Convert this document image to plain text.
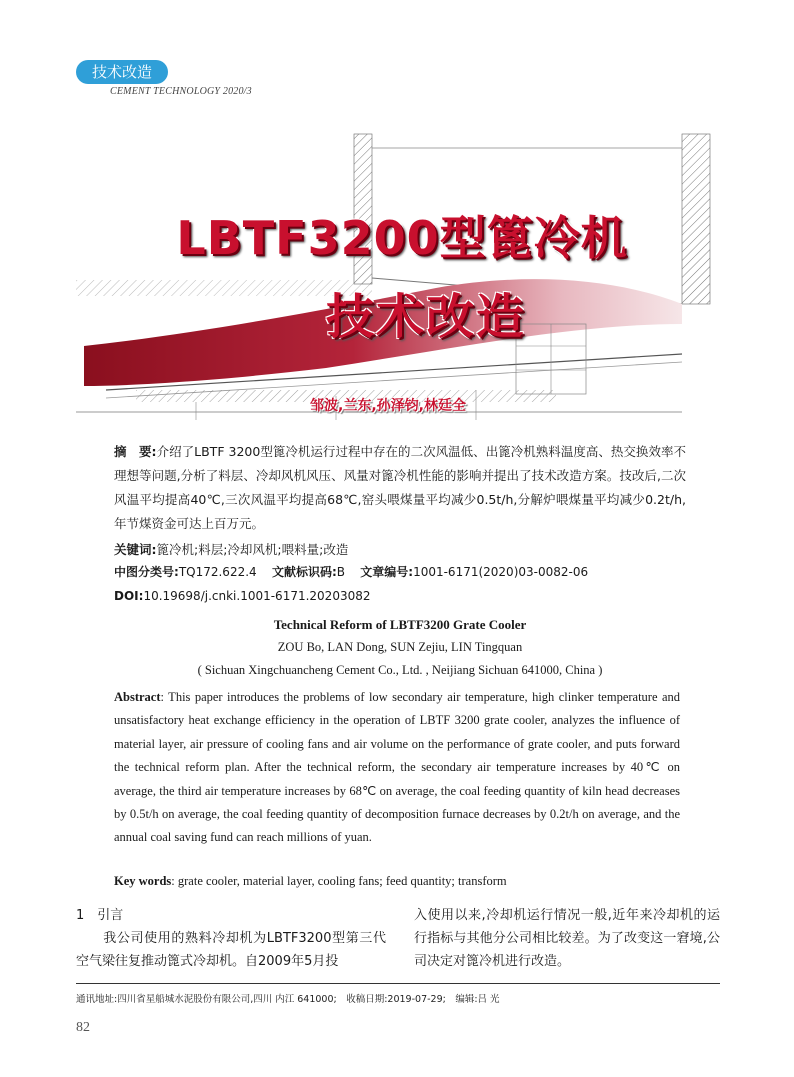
技术改造
CEMENT TECHNOLOGY 2020/3
LBTF3200型篦冷机
技术改造
邹波,兰东,孙泽钧,林廷全
摘　要:介绍了LBTF 3200型篦冷机运行过程中存在的二次风温低、出篦冷机熟料温度高、热交换效率不理想等问题,分析了料层、冷却风机风压、风量对篦冷机性能的影响并提出了技术改造方案。技改后,二次风温平均提高40℃,三次风温平均提高68℃,窑头喂煤量平均减少0.5t/h,分解炉喂煤量平均减少0.2t/h,年节煤资金可达上百万元。
关键词:篦冷机;料层;冷却风机;喂料量;改造
中图分类号:TQ172.622.4 文献标识码:B 文章编号:1001-6171(2020)03-0082-06
DOI:10.19698/j.cnki.1001-6171.20203082
Technical Reform of LBTF3200 Grate Cooler
ZOU Bo, LAN Dong, SUN Zejiu, LIN Tingquan
( Sichuan Xingchuancheng Cement Co., Ltd. , Neijiang Sichuan 641000, China )
Abstract: This paper introduces the problems of low secondary air temperature, high clinker temperature and unsatisfactory heat exchange efficiency in the operation of LBTF 3200 grate cooler, analyzes the influence of material layer, air pressure of cooling fans and air volume on the performance of grate cooler, and puts forward the technical reform plan. After the technical reform, the secondary air temperature increases by 40℃ on average, the third air temperature increases by 68℃ on average, the coal feeding quantity of kiln head decreases by 0.5t/h on average, the coal feeding quantity of decomposition furnace decreases by 0.2t/h on average, and the annual coal saving fund can reach millions of yuan.
Key words: grate cooler, material layer, cooling fans; feed quantity; transform
1　引言
　　我公司使用的熟料冷却机为LBTF3200型第三代空气梁往复推动篦式冷却机。自2009年5月投
入使用以来,冷却机运行情况一般,近年来冷却机的运行指标与其他分公司相比较差。为了改变这一窘境,公司决定对篦冷机进行改造。
通讯地址:四川省星船城水泥股份有限公司,四川 内江 641000;　收稿日期:2019-07-29;　编辑:吕 光
82
